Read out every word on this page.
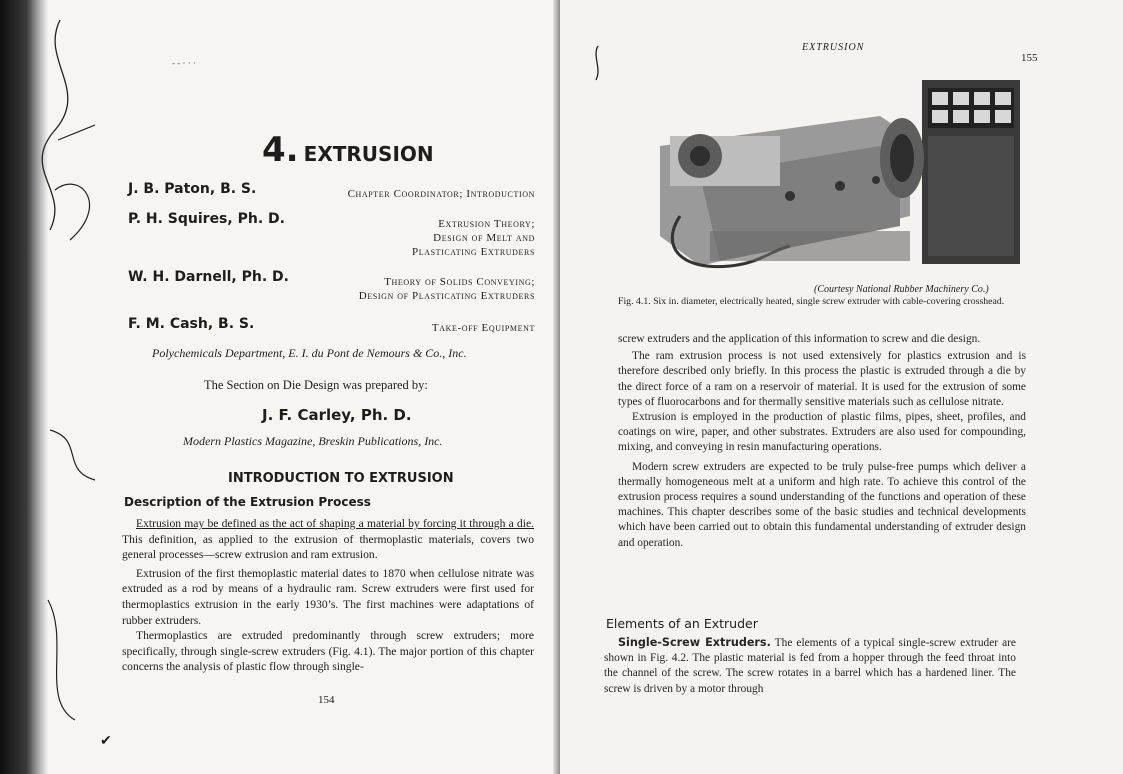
- - · · ·
4. EXTRUSION
J. B. Paton, B. S.	Chapter Coordinator; Introduction
P. H. Squires, Ph. D.	Extrusion Theory;
Design of Melt and
Plasticating Extruders
W. H. Darnell, Ph. D.	Theory of Solids Conveying;
Design of Plasticating Extruders
F. M. Cash, B. S.	Take-off Equipment
Polychemicals Department, E. I. du Pont de Nemours & Co., Inc.
The Section on Die Design was prepared by:
J. F. Carley, Ph. D.
Modern Plastics Magazine, Breskin Publications, Inc.
INTRODUCTION TO EXTRUSION
Description of the Extrusion Process

Extrusion may be defined as the act of shaping a material by forcing it through a die. This definition, as applied to the extrusion of thermoplastic materials, covers two general processes—screw extrusion and ram extrusion.

Extrusion of the first themoplastic material dates to 1870 when cellulose nitrate was extruded as a rod by means of a hydraulic ram. Screw extruders were first used for thermoplastics extrusion in the early 1930’s. The first machines were adaptations of rubber extruders.

Thermoplastics are extruded predominantly through screw extruders; more specifically, through single-screw extruders (Fig. 4.1). The major portion of this chapter concerns the analysis of plastic flow through single-

154
✔
EXTRUSION
155
(Courtesy National Rubber Machinery Co.)
Fig. 4.1. Six in. diameter, electrically heated, single screw extruder with cable-covering crosshead.

screw extruders and the application of this information to screw and die design.

The ram extrusion process is not used extensively for plastics extrusion and is therefore described only briefly. In this process the plastic is extruded through a die by the direct force of a ram on a reservoir of material. It is used for the extrusion of some types of fluorocarbons and for thermally sensitive materials such as cellulose nitrate.

Extrusion is employed in the production of plastic films, pipes, sheet, profiles, and coatings on wire, paper, and other substrates. Extruders are also used for compounding, mixing, and conveying in resin manufacturing operations.

Modern screw extruders are expected to be truly pulse-free pumps which deliver a thermally homogeneous melt at a uniform and high rate. To achieve this control of the extrusion process requires a sound understanding of the functions and operation of these machines. This chapter describes some of the basic studies and technical developments which have been carried out to obtain this fundamental understanding of extruder design and operation.

Elements of an Extruder

Single-Screw Extruders. The elements of a typical single-screw extruder are shown in Fig. 4.2. The plastic material is fed from a hopper through the feed throat into the channel of the screw. The screw rotates in a barrel which has a hardened liner. The screw is driven by a motor through
